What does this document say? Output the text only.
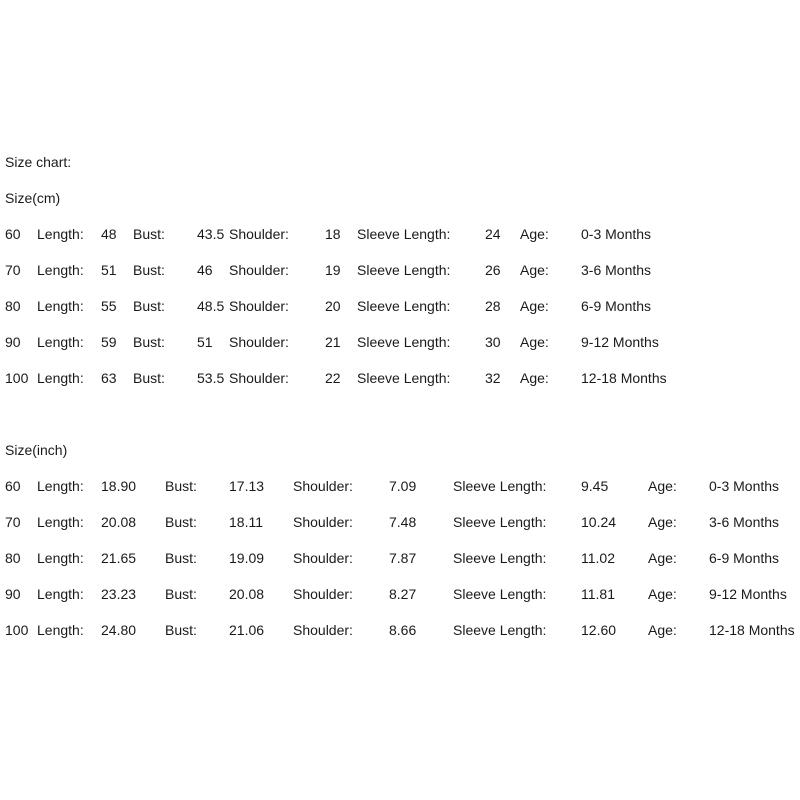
Size chart:
Size(cm)
60 Length: 48 Bust: 43.5 Shoulder:	18 Sleeve Length: 24 Age: 0-3 Months
70 Length: 51 Bust: 46 Shoulder:	19 Sleeve Length: 26 Age: 3-6 Months
80 Length: 55 Bust: 48.5 Shoulder:	20 Sleeve Length: 28 Age: 6-9 Months
90 Length: 59 Bust: 51 Shoulder:	21 Sleeve Length: 30 Age: 9-12 Months
100 Length: 63 Bust: 53.5 Shoulder:	22 Sleeve Length: 32 Age: 12-18 Months
Size(inch)
60 Length: 18.90 Bust: 17.13 Shoulder:	7.09	Sleeve Length: 9.45	Age: 0-3 Months
70 Length: 20.08 Bust: 18.11 Shoulder:	7.48	Sleeve Length: 10.24 Age: 3-6 Months
80 Length: 21.65 Bust: 19.09 Shoulder:	7.87	Sleeve Length: 11.02 Age: 6-9 Months
90 Length: 23.23 Bust: 20.08 Shoulder:	8.27	Sleeve Length: 11.81 Age: 9-12 Months
100 Length: 24.80 Bust: 21.06 Shoulder:	8.66	Sleeve Length: 12.60 Age: 12-18 Months
